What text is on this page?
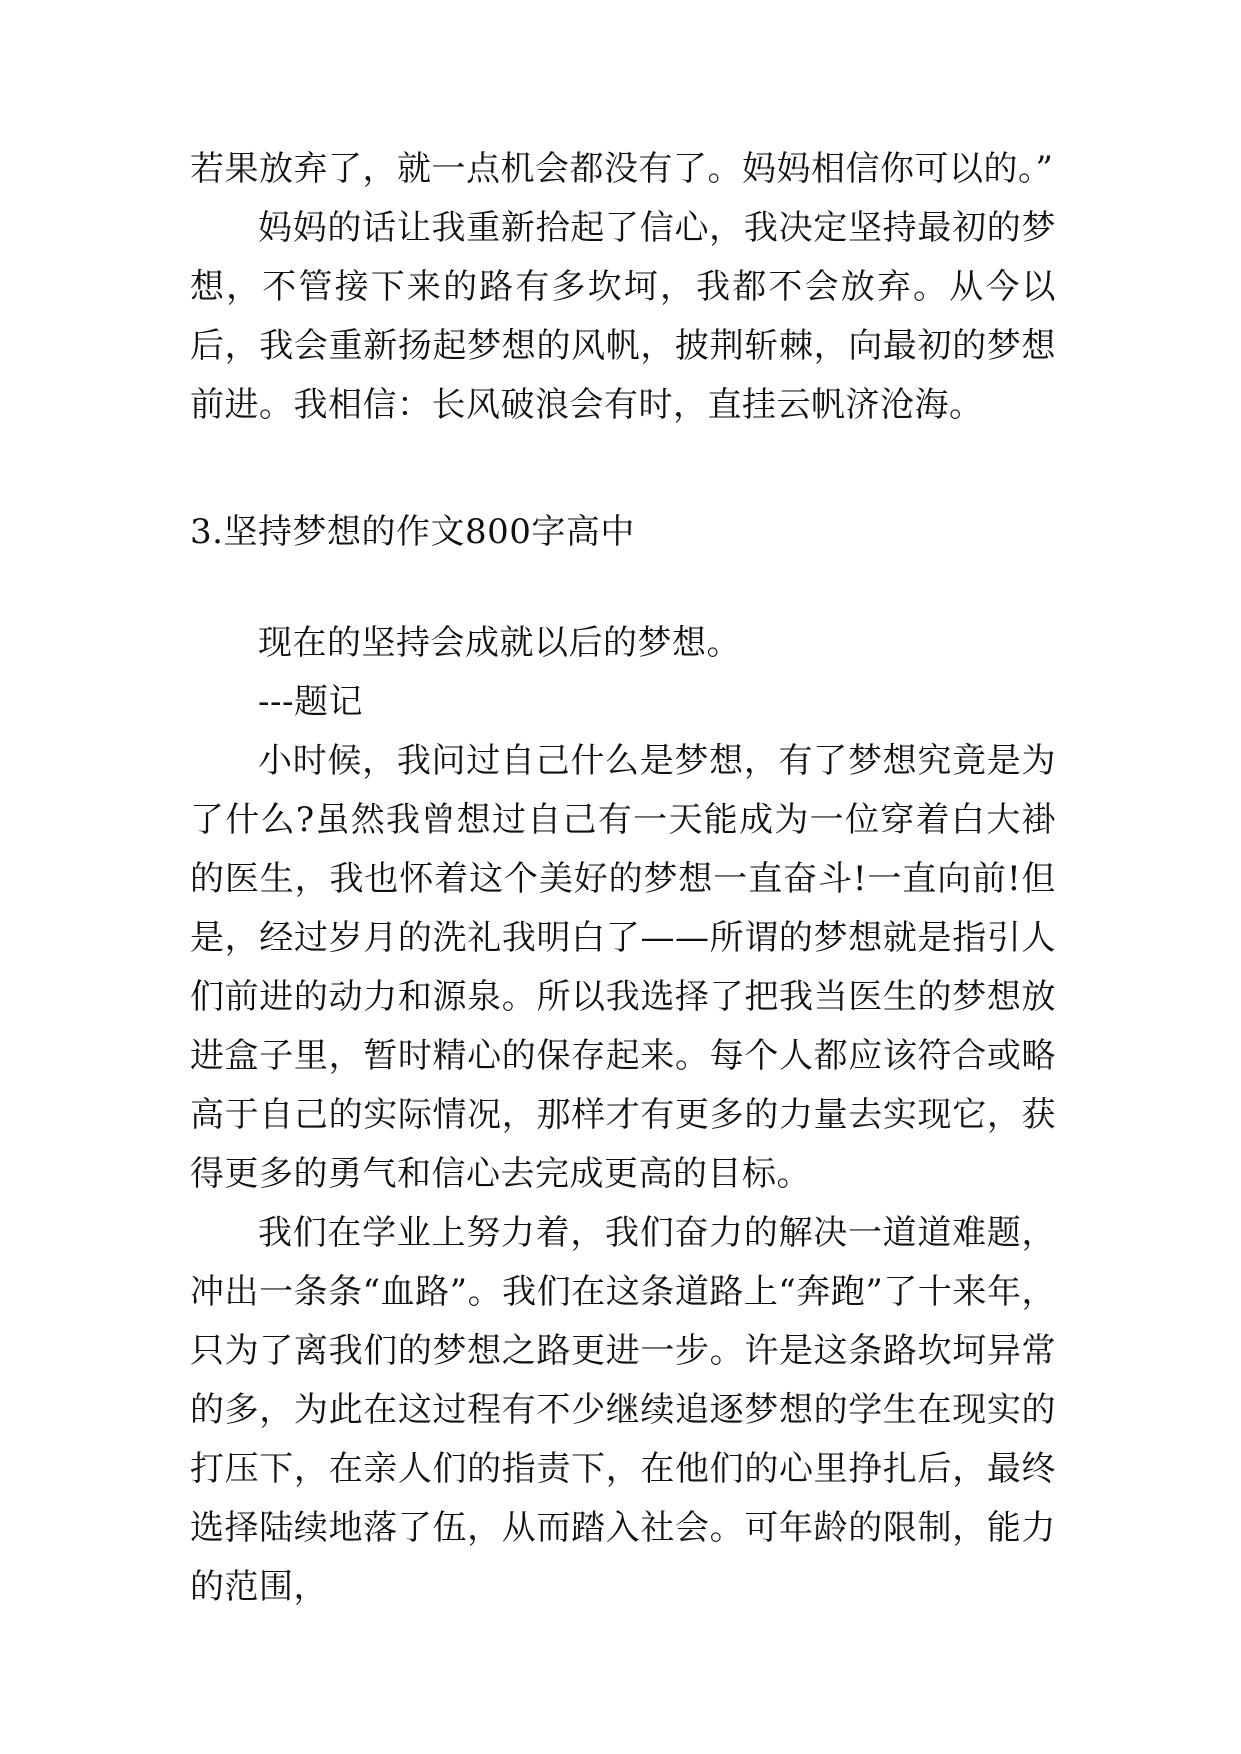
若果放弃了，就一点机会都没有了。妈妈相信你可以的。”

妈妈的话让我重新拾起了信心，我决定坚持最初的梦想，不管接下来的路有多坎坷，我都不会放弃。从今以后，我会重新扬起梦想的风帆，披荆斩棘，向最初的梦想前进。我相信：长风破浪会有时，直挂云帆济沧海。

3.坚持梦想的作文800字高中

现在的坚持会成就以后的梦想。

---题记

小时候，我问过自己什么是梦想，有了梦想究竟是为了什么?虽然我曾想过自己有一天能成为一位穿着白大褂的医生，我也怀着这个美好的梦想一直奋斗!一直向前!但是，经过岁月的洗礼我明白了——所谓的梦想就是指引人们前进的动力和源泉。所以我选择了把我当医生的梦想放进盒子里，暂时精心的保存起来。每个人都应该符合或略高于自己的实际情况，那样才有更多的力量去实现它，获得更多的勇气和信心去完成更高的目标。

我们在学业上努力着，我们奋力的解决一道道难题，冲出一条条“血路”。我们在这条道路上“奔跑”了十来年，只为了离我们的梦想之路更进一步。许是这条路坎坷异常的多，为此在这过程有不少继续追逐梦想的学生在现实的打压下，在亲人们的指责下，在他们的心里挣扎后，最终选择陆续地落了伍，从而踏入社会。可年龄的限制，能力的范围，
